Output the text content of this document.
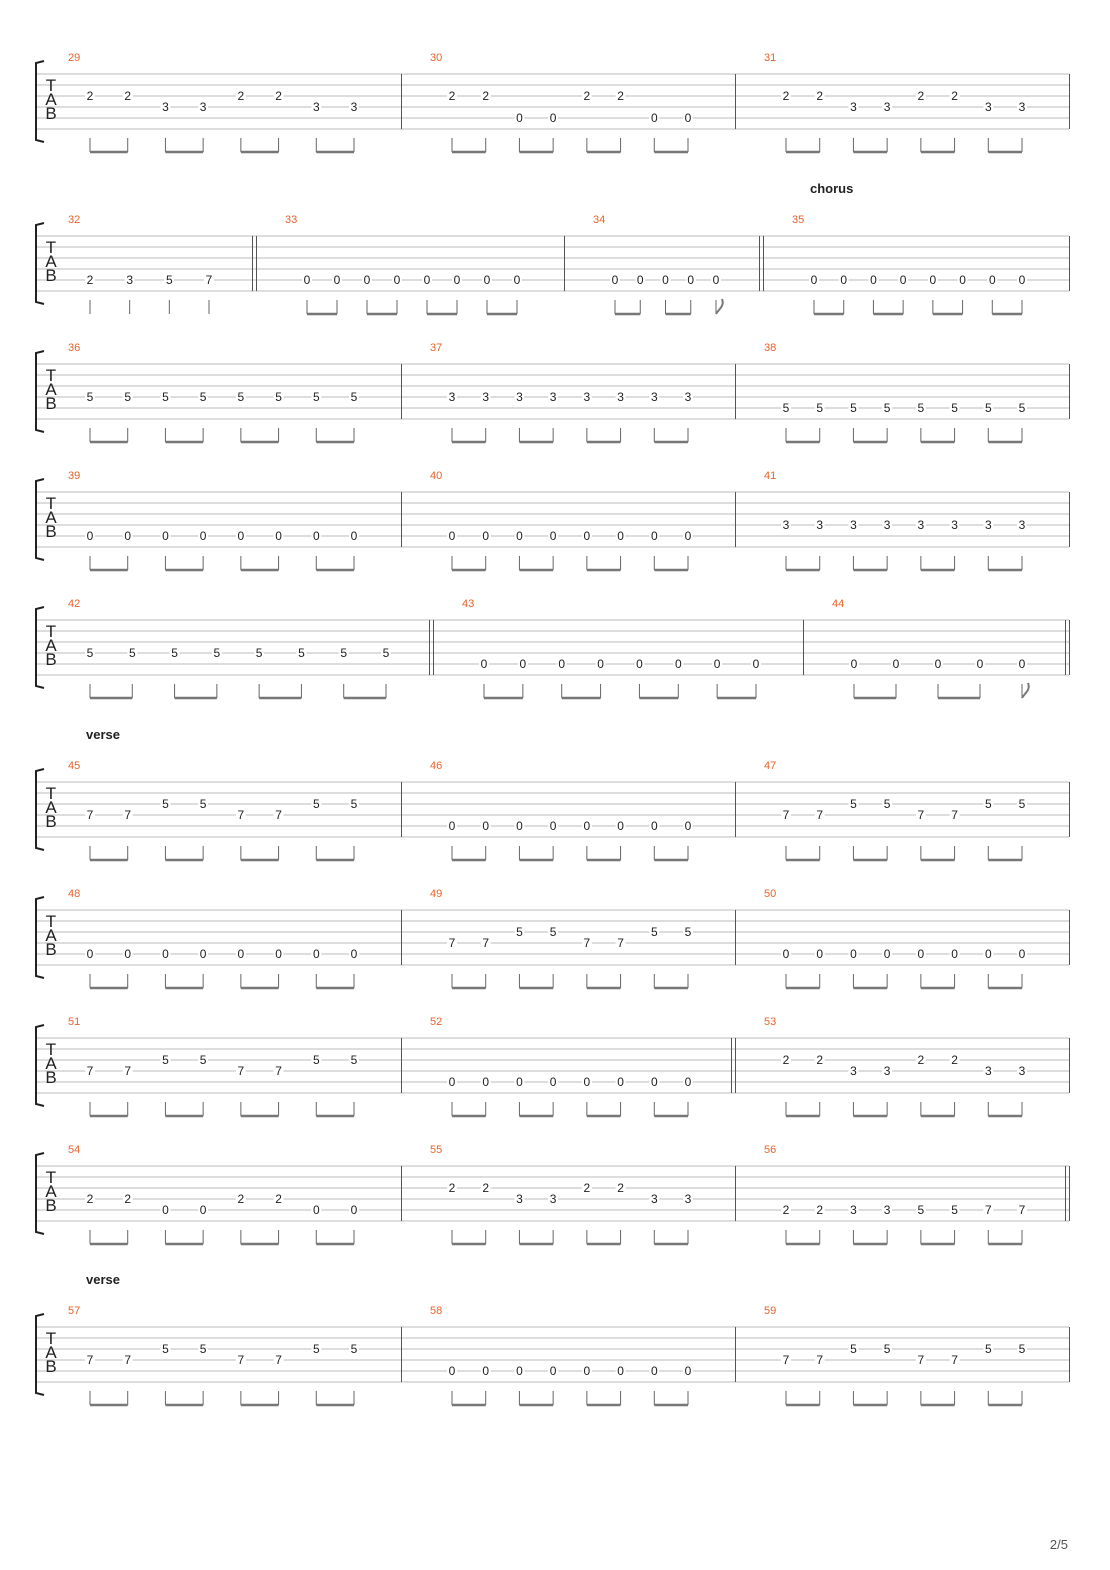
T
A
B
29
2	2
3	3
2	2
3	3
30
2 2
0 0
2 2
0 0
31
2 2
3 3
2 2
3 3
T
A
B
32
2	3	5	7
33
0 0 0 0 0 0 0 0
34
0 0 0 0 0
35
chorus
0 0 0 0 0 0 0 0
T
A
B
36
5	5	5	5	5	5	5	5
37
3 3 3 3 3 3 3 3
38
5 5 5 5 5 5 5 5
T
A
B
39
0	0	0	0	0	0	0	0
40
0 0 0 0 0 0 0 0
41
3 3 3 3 3 3 3 3
T
A
B
42
5	5	5	5	5	5	5	5
43
0	0	0	0	0	0	0	0
44
0	0	0	0	0
T
A
B
45
verse
7	7
5	5
7	7
5	5
46
0 0 0 0 0 0 0 0
47
7 7
5 5
7 7
5 5
T
A
B
48
0	0	0	0	0	0	0	0
49
7 7
5 5
7 7
5 5
50
0 0 0 0 0 0 0 0
T
A
B
51
7	7
5	5
7	7
5	5
52
0 0 0 0 0 0 0 0
53
2 2
3 3
2 2
3 3
T
A
B
54
2	2
0	0
2	2
0	0
55
2 2
3 3
2 2
3 3
56
2 2 3 3 5 5 7 7
T
A
B
57
verse
7	7
5	5
7	7
5	5
58
0 0 0 0 0 0 0 0
59
7 7
5 5
7 7
5 5
2/5
